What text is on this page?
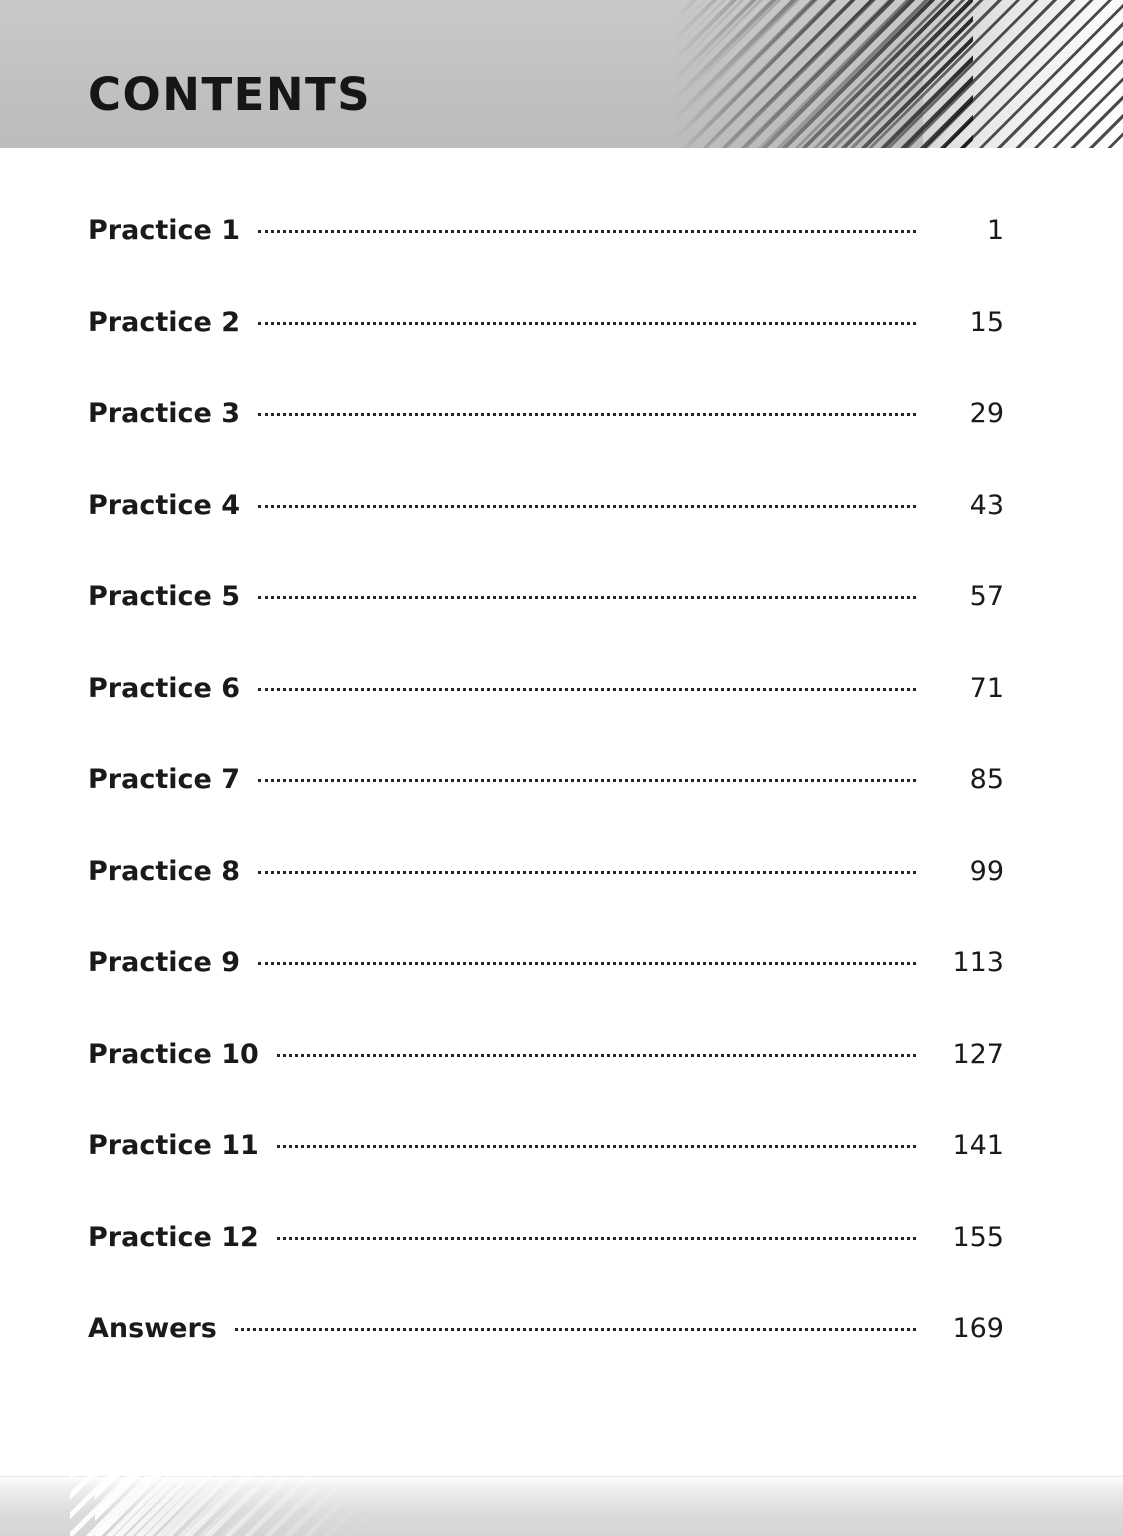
CONTENTS
Practice 1	1
Practice 2	15
Practice 3	29
Practice 4	43
Practice 5	57
Practice 6	71
Practice 7	85
Practice 8	99
Practice 9	113
Practice 10	127
Practice 11	141
Practice 12	155
Answers	169
